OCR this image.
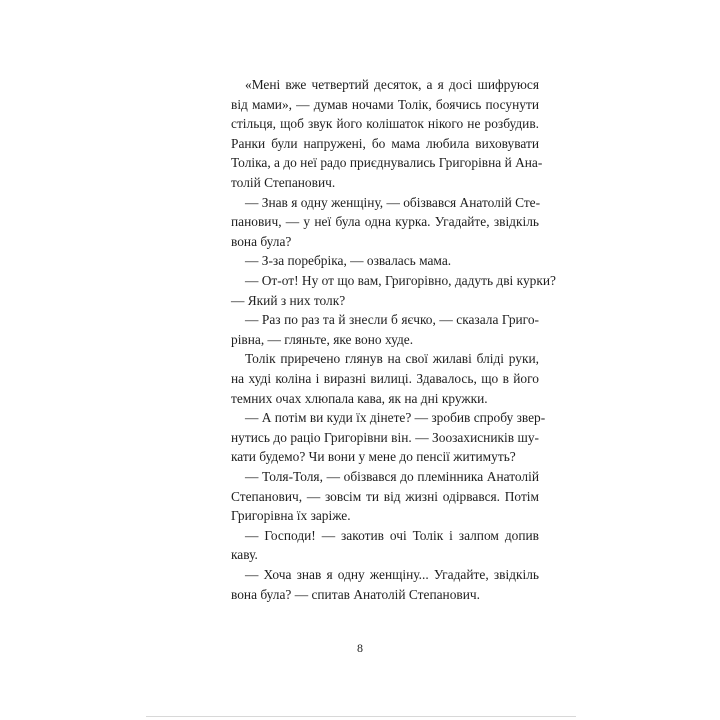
«Мені вже четвертий десяток, а я досі шифруюся
від мами», — думав ночами Толік, боячись посунути
стільця, щоб звук його колішаток нікого не розбудив.
Ранки були напружені, бо мама любила виховувати
Толіка, а до неї радо приєднувались Григорівна й Ана-
толій Степанович.
— Знав я одну женщіну, — обізвався Анатолій Сте-
панович, — у неї була одна курка. Угадайте, звідкіль
вона була?
— З-за поребріка, — озвалась мама.
— От-от! Ну от що вам, Григорівно, дадуть дві курки?
— Який з них толк?
— Раз по раз та й знесли б яєчко, — сказала Григо-
рівна, — гляньте, яке воно худе.
Толік приречено глянув на свої жилаві бліді руки,
на худі коліна і виразні вилиці. Здавалось, що в його
темних очах хлюпала кава, як на дні кружки.
— А потім ви куди їх дінете? — зробив спробу звер-
нутись до раціо Григорівни він. — Зоозахисників шу-
кати будемо? Чи вони у мене до пенсії житимуть?
— Толя-Толя, — обізвався до племінника Анатолій
Степанович, — зовсім ти від жизні одірвався. Потім
Григорівна їх заріже.
— Господи! — закотив очі Толік і залпом допив
каву.
— Хоча знав я одну женщіну... Угадайте, звідкіль
вона була? — спитав Анатолій Степанович.
8
